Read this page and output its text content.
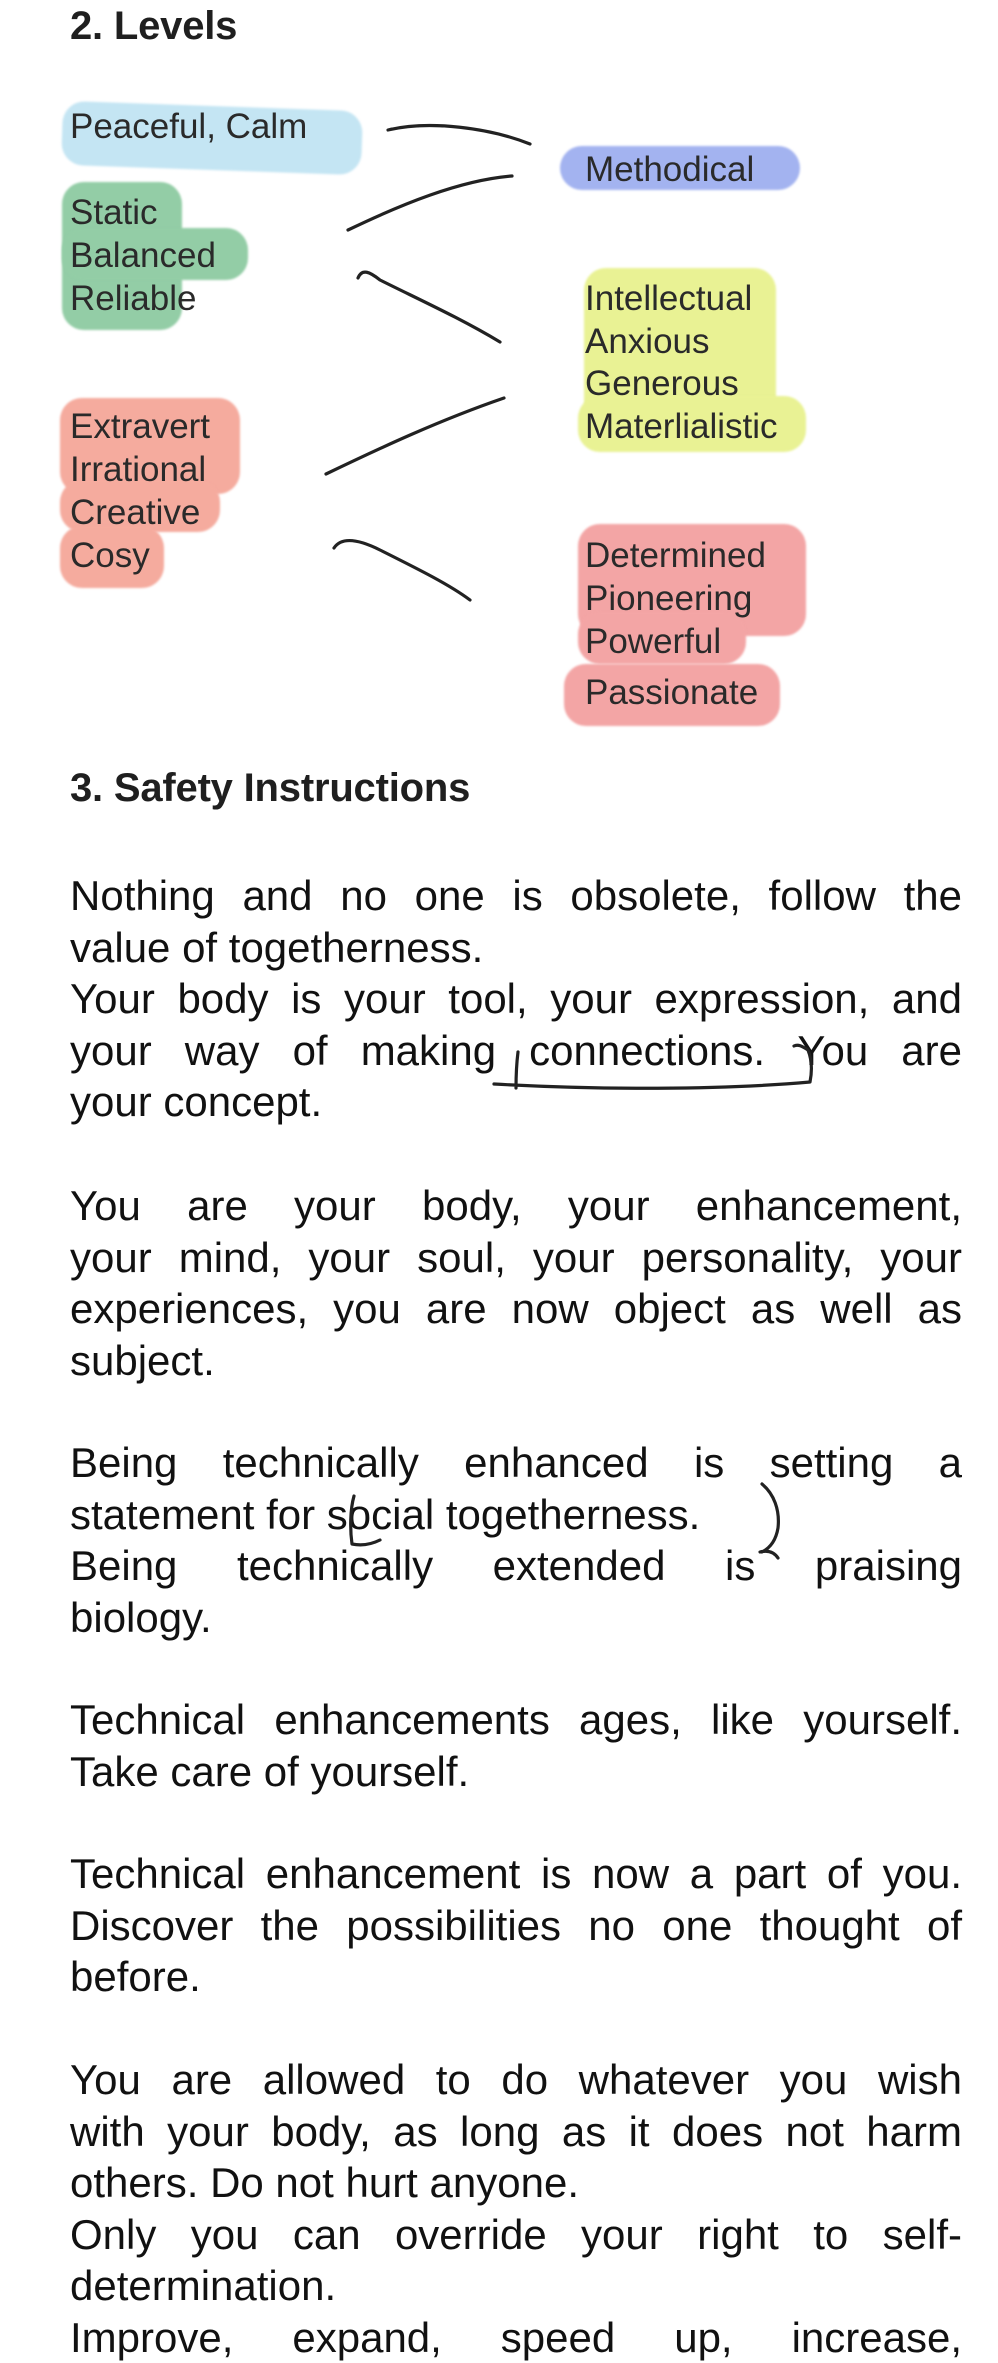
2. Levels
Peaceful, Calm
Static
Balanced
Reliable
Extravert
Irrational
Creative
Cosy
Methodical
Intellectual
Anxious
Generous
Materlialistic
Determined
Pioneering
Powerful
Passionate
3. Safety Instructions
Nothing and no one is obsolete, follow the
value of togetherness.
Your body is your tool, your expression, and
your way of making connections. You are
your concept.
You are your body, your enhancement,
your mind, your soul, your personality, your
experiences, you are now object as well as
subject.
Being technically enhanced is setting a
statement for social togetherness.
Being technically extended is praising
biology.
Technical enhancements ages, like yourself.
Take care of yourself.
Technical enhancement is now a part of you.
Discover the possibilities no one thought of
before.
You are allowed to do whatever you wish
with your body, as long as it does not harm
others. Do not hurt anyone.
Only you can override your right to self-
determination.
Improve, expand, speed up, increase,
